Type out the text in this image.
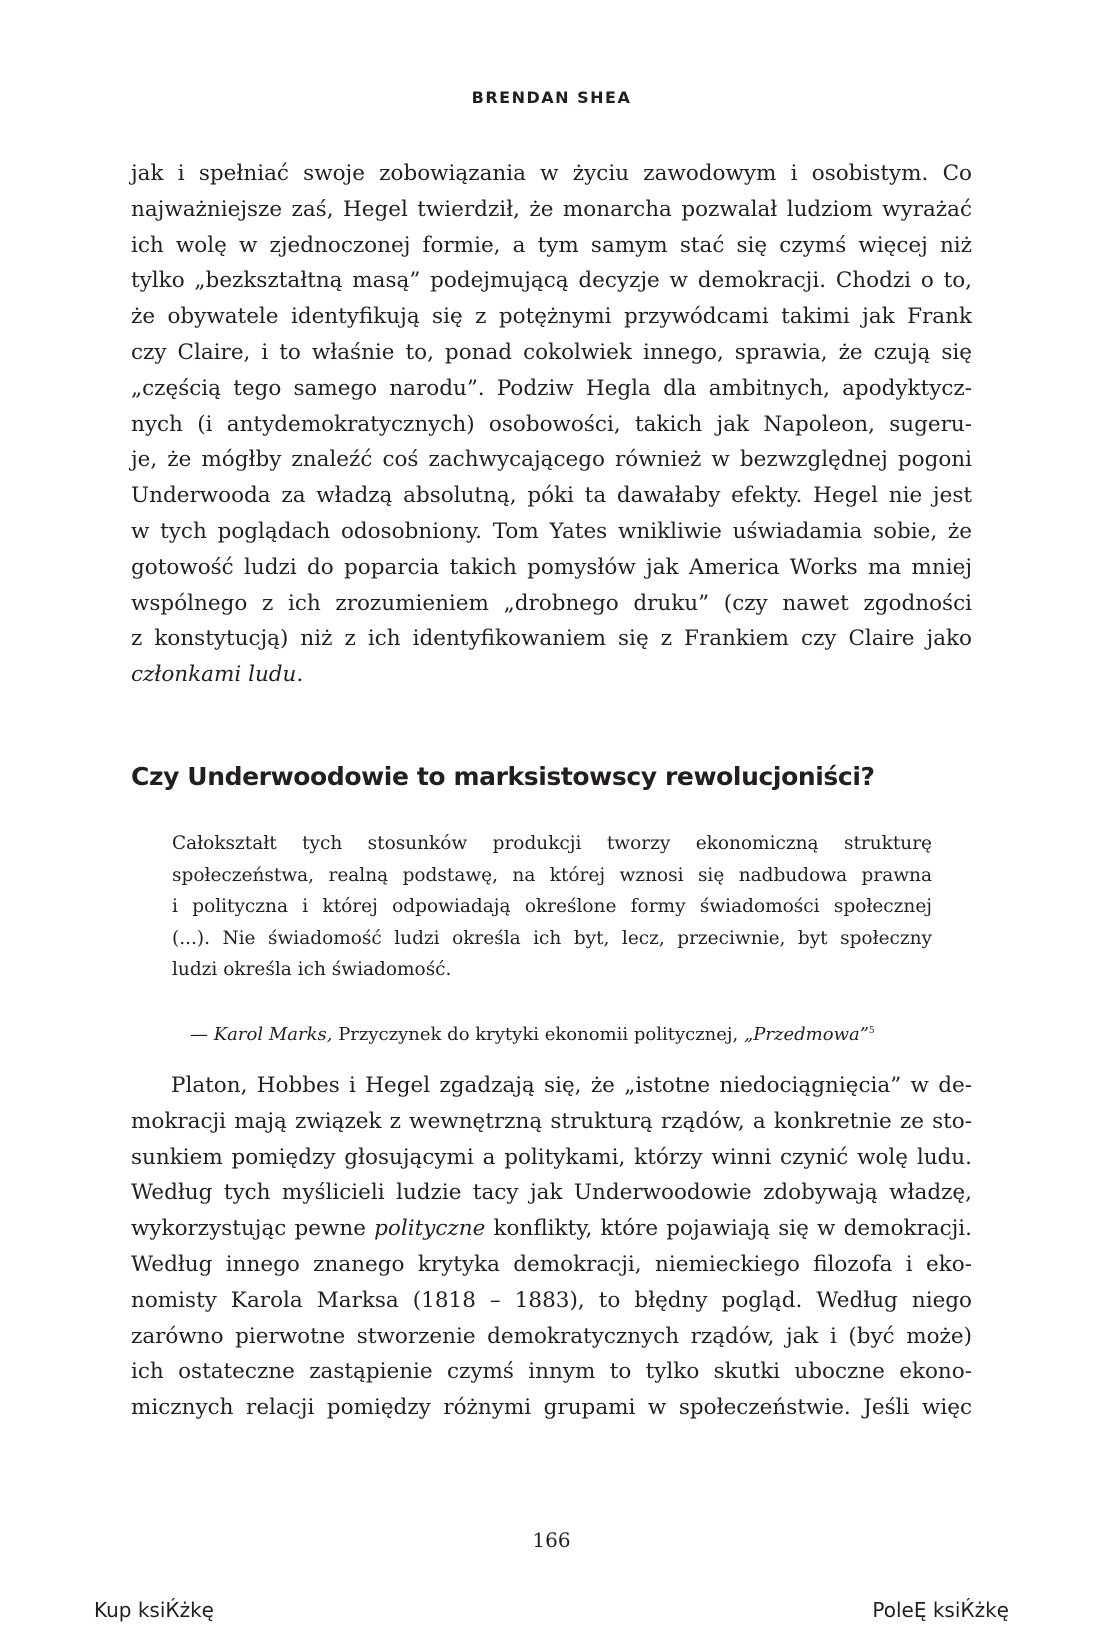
BRENDAN SHEA
jak i spełniać swoje zobowiązania w życiu zawodowym i osobistym. Co
najważniejsze zaś, Hegel twierdził, że monarcha pozwalał ludziom wyrażać
ich wolę w zjednoczonej formie, a tym samym stać się czymś więcej niż
tylko „bezkształtną masą” podejmującą decyzje w demokracji. Chodzi o to,
że obywatele identyfikują się z potężnymi przywódcami takimi jak Frank
czy Claire, i to właśnie to, ponad cokolwiek innego, sprawia, że czują się
„częścią tego samego narodu”. Podziw Hegla dla ambitnych, apodyktycz-
nych (i antydemokratycznych) osobowości, takich jak Napoleon, sugeru-
je, że mógłby znaleźć coś zachwycającego również w bezwzględnej pogoni
Underwooda za władzą absolutną, póki ta dawałaby efekty. Hegel nie jest
w tych poglądach odosobniony. Tom Yates wnikliwie uświadamia sobie, że
gotowość ludzi do poparcia takich pomysłów jak America Works ma mniej
wspólnego z ich zrozumieniem „drobnego druku” (czy nawet zgodności
z konstytucją) niż z ich identyfikowaniem się z Frankiem czy Claire jako
członkami ludu.
Czy Underwoodowie to marksistowscy rewolucjoniści?
Całokształt tych stosunków produkcji tworzy ekonomiczną strukturę
społeczeństwa, realną podstawę, na której wznosi się nadbudowa prawna
i polityczna i której odpowiadają określone formy świadomości społecznej
(...). Nie świadomość ludzi określa ich byt, lecz, przeciwnie, byt społeczny
ludzi określa ich świadomość.
— Karol Marks, Przyczynek do krytyki ekonomii politycznej, „Przedmowa”$^5$
Platon, Hobbes i Hegel zgadzają się, że „istotne niedociągnięcia” w de-
mokracji mają związek z wewnętrzną strukturą rządów, a konkretnie ze sto-
sunkiem pomiędzy głosującymi a politykami, którzy winni czynić wolę ludu.
Według tych myślicieli ludzie tacy jak Underwoodowie zdobywają władzę,
wykorzystując pewne polityczne konflikty, które pojawiają się w demokracji.
Według innego znanego krytyka demokracji, niemieckiego filozofa i eko-
nomisty Karola Marksa (1818 – 1883), to błędny pogląd. Według niego
zarówno pierwotne stworzenie demokratycznych rządów, jak i (być może)
ich ostateczne zastąpienie czymś innym to tylko skutki uboczne ekono-
micznych relacji pomiędzy różnymi grupami w społeczeństwie. Jeśli więc
166
Kup ksiЌżkę	PoleĘ ksiЌżkę
